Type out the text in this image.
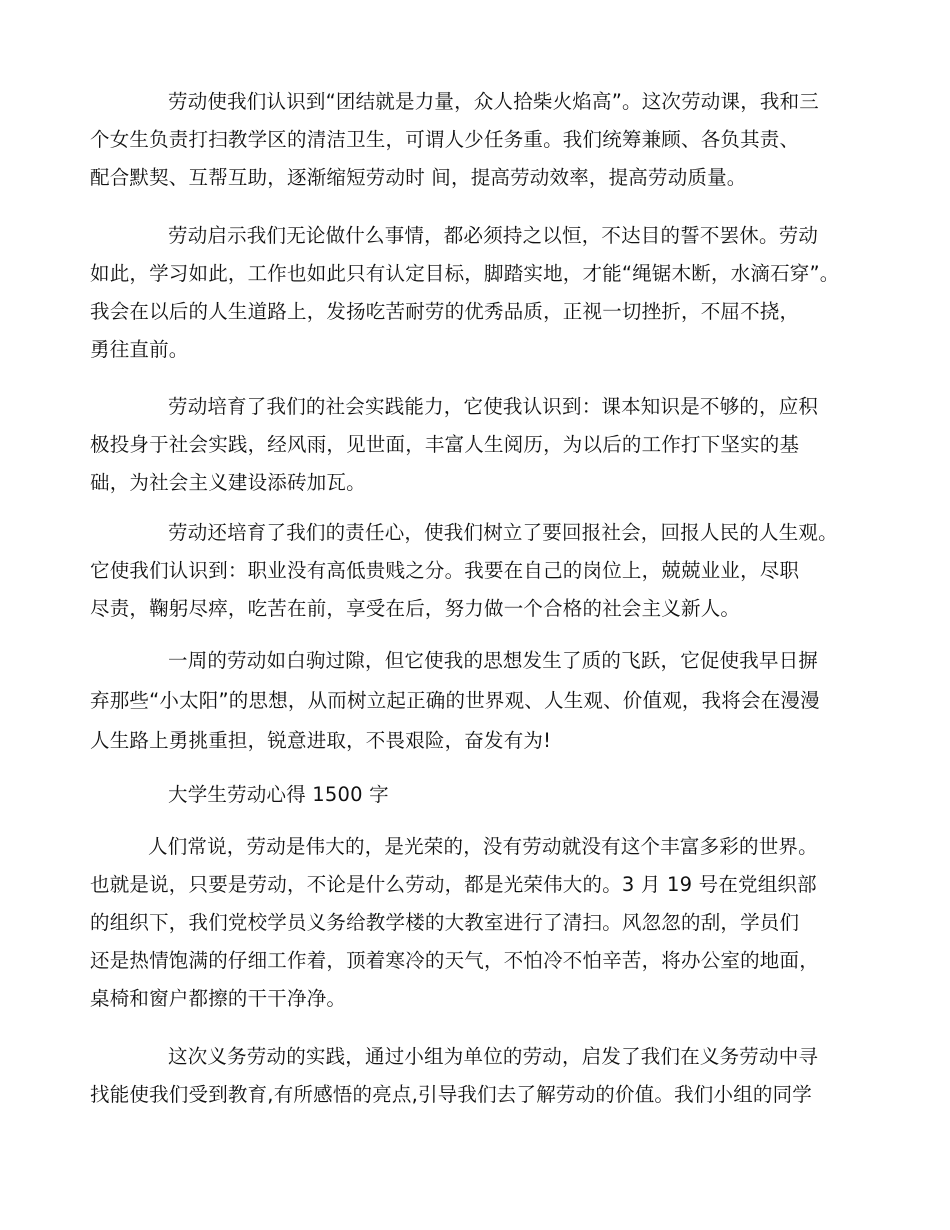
劳动使我们认识到“团结就是力量，众人拾柴火焰高”。这次劳动课，我和三
个女生负责打扫教学区的清洁卫生，可谓人少任务重。我们统筹兼顾、各负其责、
配合默契、互帮互助，逐渐缩短劳动时 间，提高劳动效率，提高劳动质量。
劳动启示我们无论做什么事情，都必须持之以恒，不达目的誓不罢休。劳动
如此，学习如此，工作也如此只有认定目标，脚踏实地，才能“绳锯木断，水滴石穿”。
我会在以后的人生道路上，发扬吃苦耐劳的优秀品质，正视一切挫折，不屈不挠，
勇往直前。
劳动培育了我们的社会实践能力，它使我认识到：课本知识是不够的，应积
极投身于社会实践，经风雨，见世面，丰富人生阅历，为以后的工作打下坚实的基
础，为社会主义建设添砖加瓦。
劳动还培育了我们的责任心，使我们树立了要回报社会，回报人民的人生观。
它使我们认识到：职业没有高低贵贱之分。我要在自己的岗位上，兢兢业业，尽职
尽责，鞠躬尽瘁，吃苦在前，享受在后，努力做一个合格的社会主义新人。
一周的劳动如白驹过隙，但它使我的思想发生了质的飞跃，它促使我早日摒
弃那些“小太阳”的思想，从而树立起正确的世界观、人生观、价值观，我将会在漫漫
人生路上勇挑重担，锐意进取，不畏艰险，奋发有为!
大学生劳动心得 1500 字
人们常说，劳动是伟大的，是光荣的，没有劳动就没有这个丰富多彩的世界。
也就是说，只要是劳动，不论是什么劳动，都是光荣伟大的。3 月 19 号在党组织部
的组织下，我们党校学员义务给教学楼的大教室进行了清扫。风忽忽的刮，学员们
还是热情饱满的仔细工作着，顶着寒冷的天气，不怕冷不怕辛苦，将办公室的地面，
桌椅和窗户都擦的干干净净。
这次义务劳动的实践，通过小组为单位的劳动，启发了我们在义务劳动中寻
找能使我们受到教育,有所感悟的亮点,引导我们去了解劳动的价值。我们小组的同学
